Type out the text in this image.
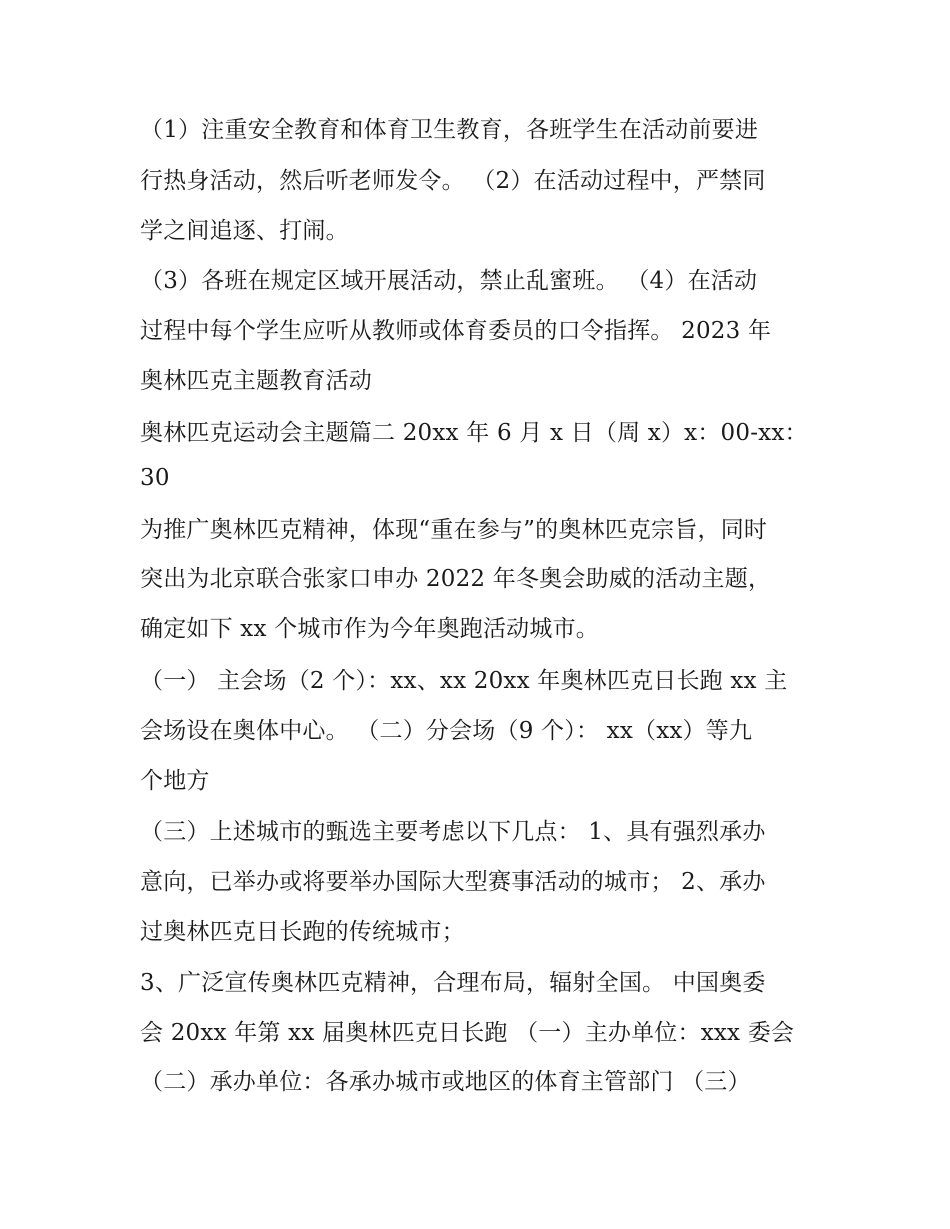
（1）注重安全教育和体育卫生教育，各班学生在活动前要进
行热身活动，然后听老师发令。 （2）在活动过程中，严禁同
学之间追逐、打闹。
（3）各班在规定区域开展活动，禁止乱蜜班。 （4）在活动
过程中每个学生应听从教师或体育委员的口令指挥。 2023 年
奥林匹克主题教育活动
奥林匹克运动会主题篇二 20xx 年 6 月 x 日（周 x）x：00-xx：
30
为推广奥林匹克精神，体现“重在参与”的奥林匹克宗旨，同时
突出为北京联合张家口申办 2022 年冬奥会助威的活动主题，
确定如下 xx 个城市作为今年奥跑活动城市。
（一） 主会场（2 个）：xx、xx 20xx 年奥林匹克日长跑 xx 主
会场设在奥体中心。 （二）分会场（9 个）： xx（xx）等九
个地方
（三）上述城市的甄选主要考虑以下几点： 1、具有强烈承办
意向，已举办或将要举办国际大型赛事活动的城市； 2、承办
过奥林匹克日长跑的传统城市；
3、广泛宣传奥林匹克精神，合理布局，辐射全国。 中国奥委
会 20xx 年第 xx 届奥林匹克日长跑 （一）主办单位：xxx 委会
（二）承办单位：各承办城市或地区的体育主管部门 （三）
